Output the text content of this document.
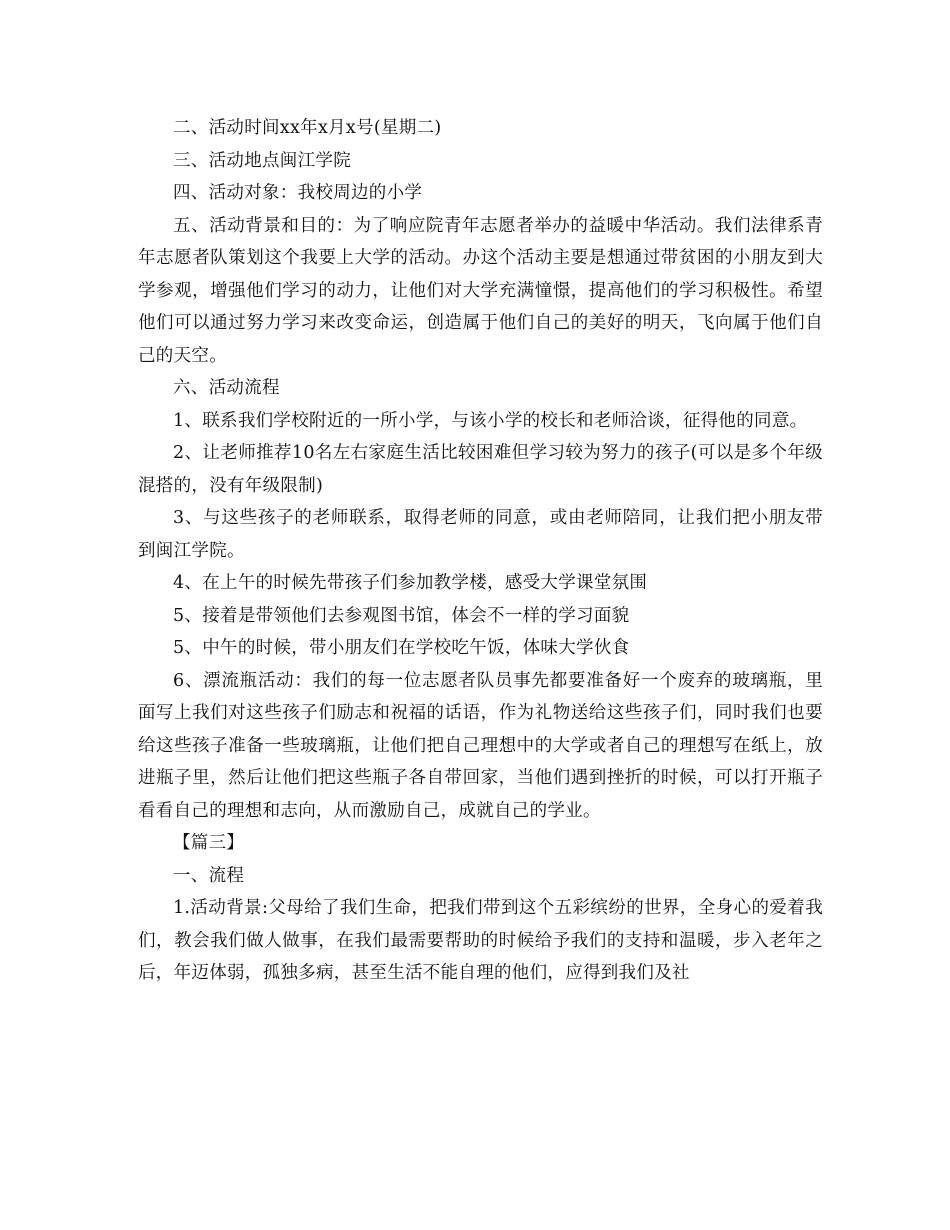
二、活动时间xx年x月x号(星期二)

三、活动地点闽江学院

四、活动对象：我校周边的小学

五、活动背景和目的：为了响应院青年志愿者举办的益暖中华活动。我们法律系青年志愿者队策划这个我要上大学的活动。办这个活动主要是想通过带贫困的小朋友到大学参观，增强他们学习的动力，让他们对大学充满憧憬，提高他们的学习积极性。希望他们可以通过努力学习来改变命运，创造属于他们自己的美好的明天，飞向属于他们自己的天空。

六、活动流程

1、联系我们学校附近的一所小学，与该小学的校长和老师洽谈，征得他的同意。

2、让老师推荐10名左右家庭生活比较困难但学习较为努力的孩子(可以是多个年级混搭的，没有年级限制)

3、与这些孩子的老师联系，取得老师的同意，或由老师陪同，让我们把小朋友带到闽江学院。

4、在上午的时候先带孩子们参加教学楼，感受大学课堂氛围

5、接着是带领他们去参观图书馆，体会不一样的学习面貌

5、中午的时候，带小朋友们在学校吃午饭，体味大学伙食

6、漂流瓶活动：我们的每一位志愿者队员事先都要准备好一个废弃的玻璃瓶，里面写上我们对这些孩子们励志和祝福的话语，作为礼物送给这些孩子们，同时我们也要给这些孩子准备一些玻璃瓶，让他们把自己理想中的大学或者自己的理想写在纸上，放进瓶子里，然后让他们把这些瓶子各自带回家，当他们遇到挫折的时候，可以打开瓶子看看自己的理想和志向，从而激励自己，成就自己的学业。

【篇三】

一、流程

1.活动背景:父母给了我们生命，把我们带到这个五彩缤纷的世界，全身心的爱着我们，教会我们做人做事，在我们最需要帮助的时候给予我们的支持和温暖，步入老年之后，年迈体弱，孤独多病，甚至生活不能自理的他们，应得到我们及社
